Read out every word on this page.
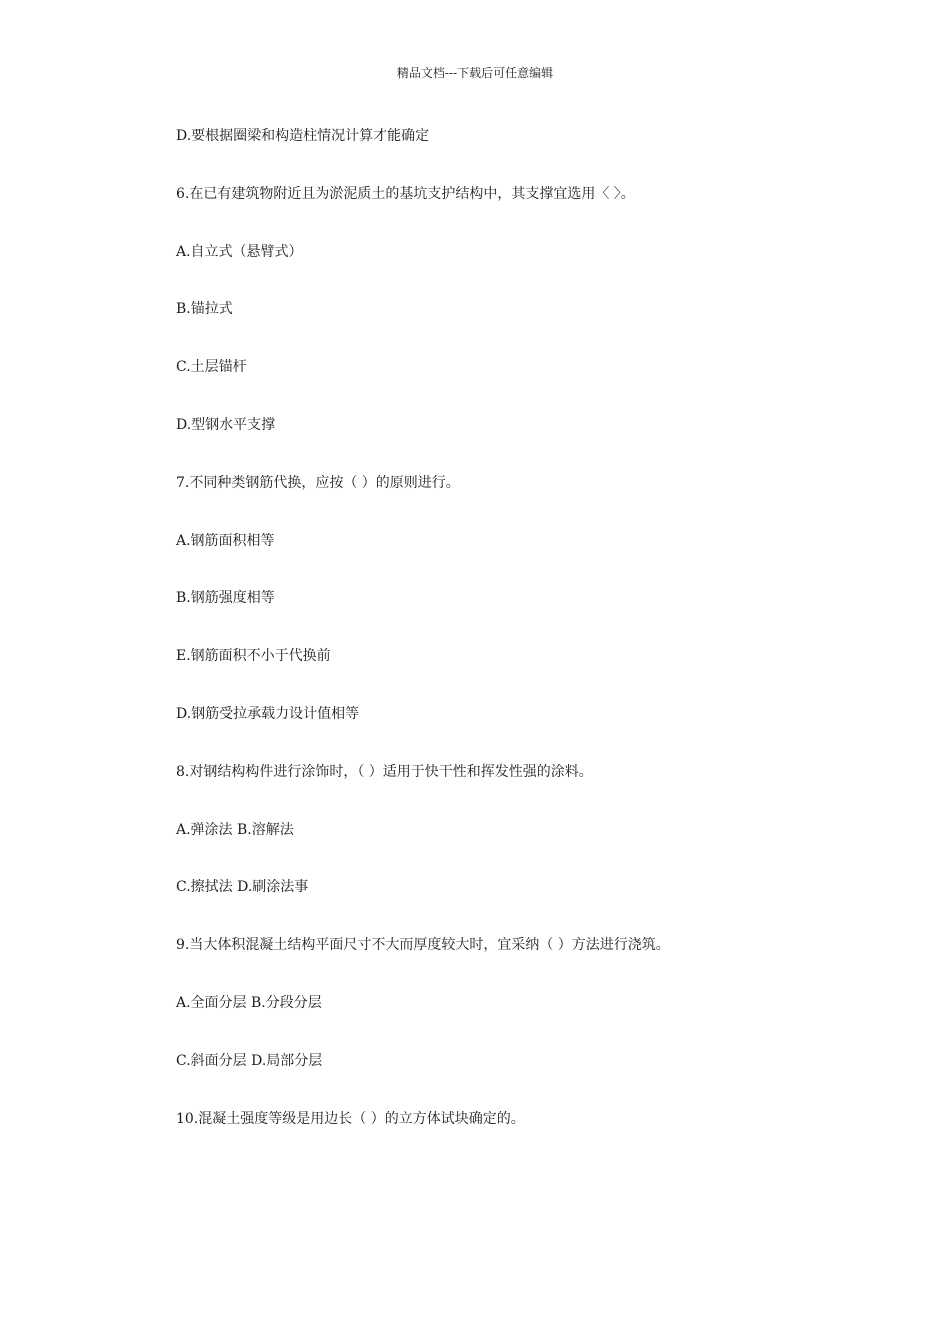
精品文档---下载后可任意编辑
D.要根据圈梁和构造柱情况计算才能确定
6.在已有建筑物附近且为淤泥质土的基坑支护结构中，其支撑宜选用〈 〉。
A.自立式（悬臂式）
B.锚拉式
C.土层锚杆
D.型钢水平支撑
7.不同种类钢筋代换，应按（ ）的原则进行。
A.钢筋面积相等
B.钢筋强度相等
E.钢筋面积不小于代换前
D.钢筋受拉承载力设计值相等
8.对钢结构构件进行涂饰时，（ ）适用于快干性和挥发性强的涂料。
A.弹涂法 B.溶解法
C.擦拭法 D.刷涂法事
9.当大体积混凝土结构平面尺寸不大而厚度较大时，宜采纳（ ）方法进行浇筑。
A.全面分层 B.分段分层
C.斜面分层 D.局部分层
10.混凝土强度等级是用边长（ ）的立方体试块确定的。
